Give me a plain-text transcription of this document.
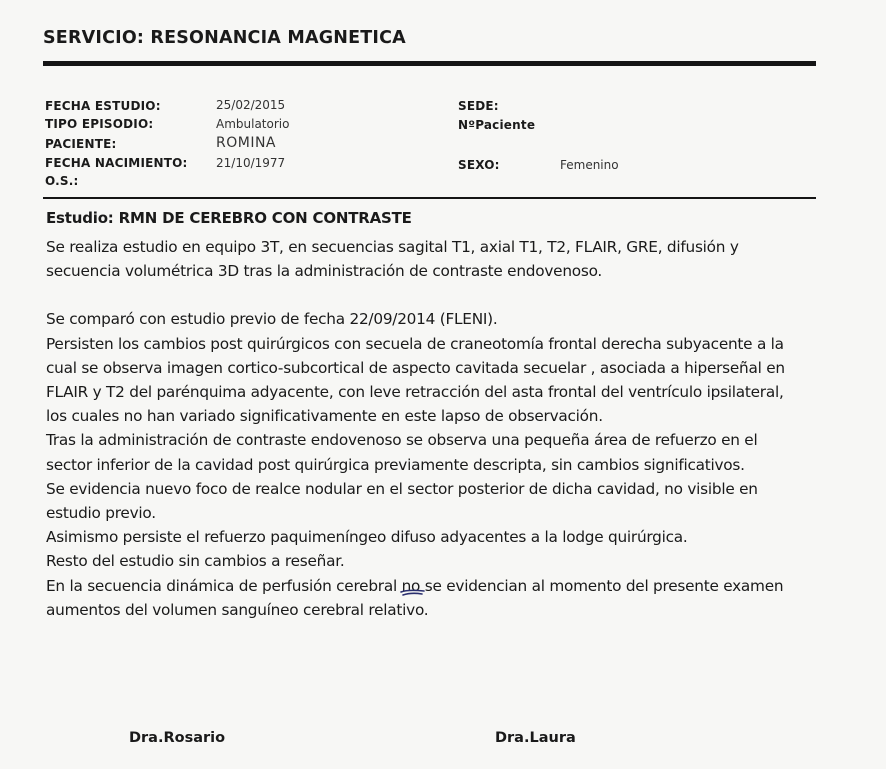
SERVICIO: RESONANCIA MAGNETICA
FECHA ESTUDIO:
TIPO EPISODIO:
PACIENTE:
FECHA NACIMIENTO:
O.S.:
25/02/2015
Ambulatorio
ROMINA
21/10/1977
SEDE:
NºPaciente
SEXO:	Femenino
Estudio: RMN DE CEREBRO CON CONTRASTE

Se realiza estudio en equipo 3T, en secuencias sagital T1, axial T1, T2, FLAIR, GRE, difusión y

secuencia volumétrica 3D tras la administración de contraste endovenoso.

Se comparó con estudio previo de fecha 22/09/2014 (FLENI).

Persisten los cambios post quirúrgicos con secuela de craneotomía frontal derecha subyacente a la

cual se observa imagen cortico-subcortical de aspecto cavitada secuelar , asociada a hiperseñal en

FLAIR y T2 del parénquima adyacente, con leve retracción del asta frontal del ventrículo ipsilateral,

los cuales no han variado significativamente en este lapso de observación.

Tras la administración de contraste endovenoso se observa una pequeña área de refuerzo en el

sector inferior de la cavidad post quirúrgica previamente descripta, sin cambios significativos.

Se evidencia nuevo foco de realce nodular en el sector posterior de dicha cavidad, no visible en

estudio previo.

Asimismo persiste el refuerzo paquimeníngeo difuso adyacentes a la lodge quirúrgica.

Resto del estudio sin cambios a reseñar.

En la secuencia dinámica de perfusión cerebral no
se evidencian al momento del presente examen

aumentos del volumen sanguíneo cerebral relativo.

Dra.Rosario	Dra.Laura
